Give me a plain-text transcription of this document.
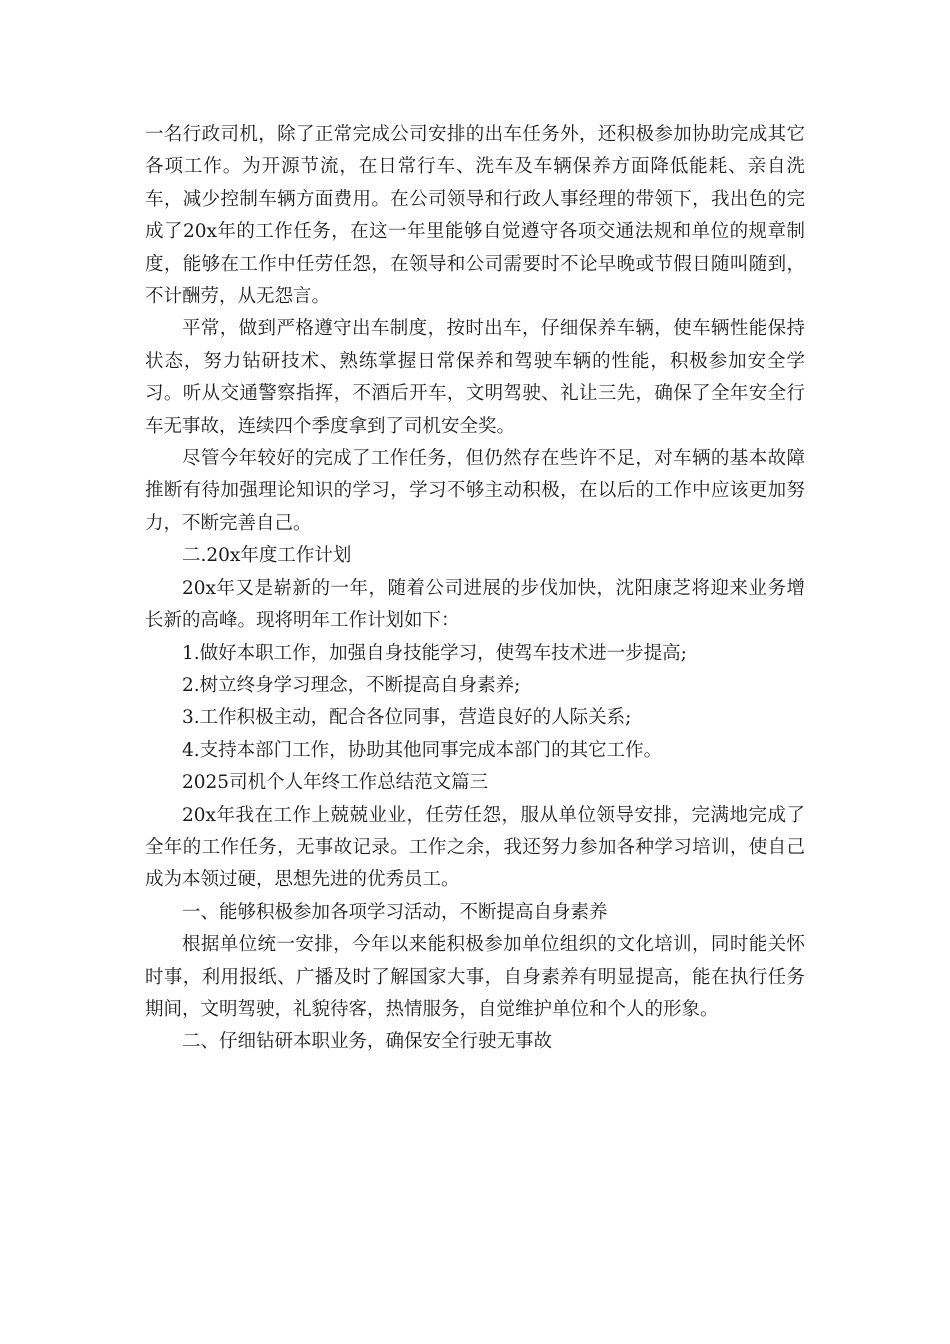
一名行政司机，除了正常完成公司安排的出车任务外，还积极参加协助完成其它各项工作。为开源节流，在日常行车、洗车及车辆保养方面降低能耗、亲自洗车，减少控制车辆方面费用。在公司领导和行政人事经理的带领下，我出色的完成了20x年的工作任务，在这一年里能够自觉遵守各项交通法规和单位的规章制度，能够在工作中任劳任怨，在领导和公司需要时不论早晚或节假日随叫随到，不计酬劳，从无怨言。

平常，做到严格遵守出车制度，按时出车，仔细保养车辆，使车辆性能保持状态，努力钻研技术、熟练掌握日常保养和驾驶车辆的性能，积极参加安全学习。听从交通警察指挥，不酒后开车，文明驾驶、礼让三先，确保了全年安全行车无事故，连续四个季度拿到了司机安全奖。

尽管今年较好的完成了工作任务，但仍然存在些许不足，对车辆的基本故障推断有待加强理论知识的学习，学习不够主动积极，在以后的工作中应该更加努力，不断完善自己。

二.20x年度工作计划

20x年又是崭新的一年，随着公司进展的步伐加快，沈阳康芝将迎来业务增长新的高峰。现将明年工作计划如下：

1.做好本职工作，加强自身技能学习，使驾车技术进一步提高;

2.树立终身学习理念，不断提高自身素养;

3.工作积极主动，配合各位同事，营造良好的人际关系;

4.支持本部门工作，协助其他同事完成本部门的其它工作。

2025司机个人年终工作总结范文篇三

20x年我在工作上兢兢业业，任劳任怨，服从单位领导安排，完满地完成了全年的工作任务，无事故记录。工作之余，我还努力参加各种学习培训，使自己成为本领过硬，思想先进的优秀员工。

一、能够积极参加各项学习活动，不断提高自身素养

根据单位统一安排，今年以来能积极参加单位组织的文化培训，同时能关怀时事，利用报纸、广播及时了解国家大事，自身素养有明显提高，能在执行任务期间，文明驾驶，礼貌待客，热情服务，自觉维护单位和个人的形象。

二、仔细钻研本职业务，确保安全行驶无事故
